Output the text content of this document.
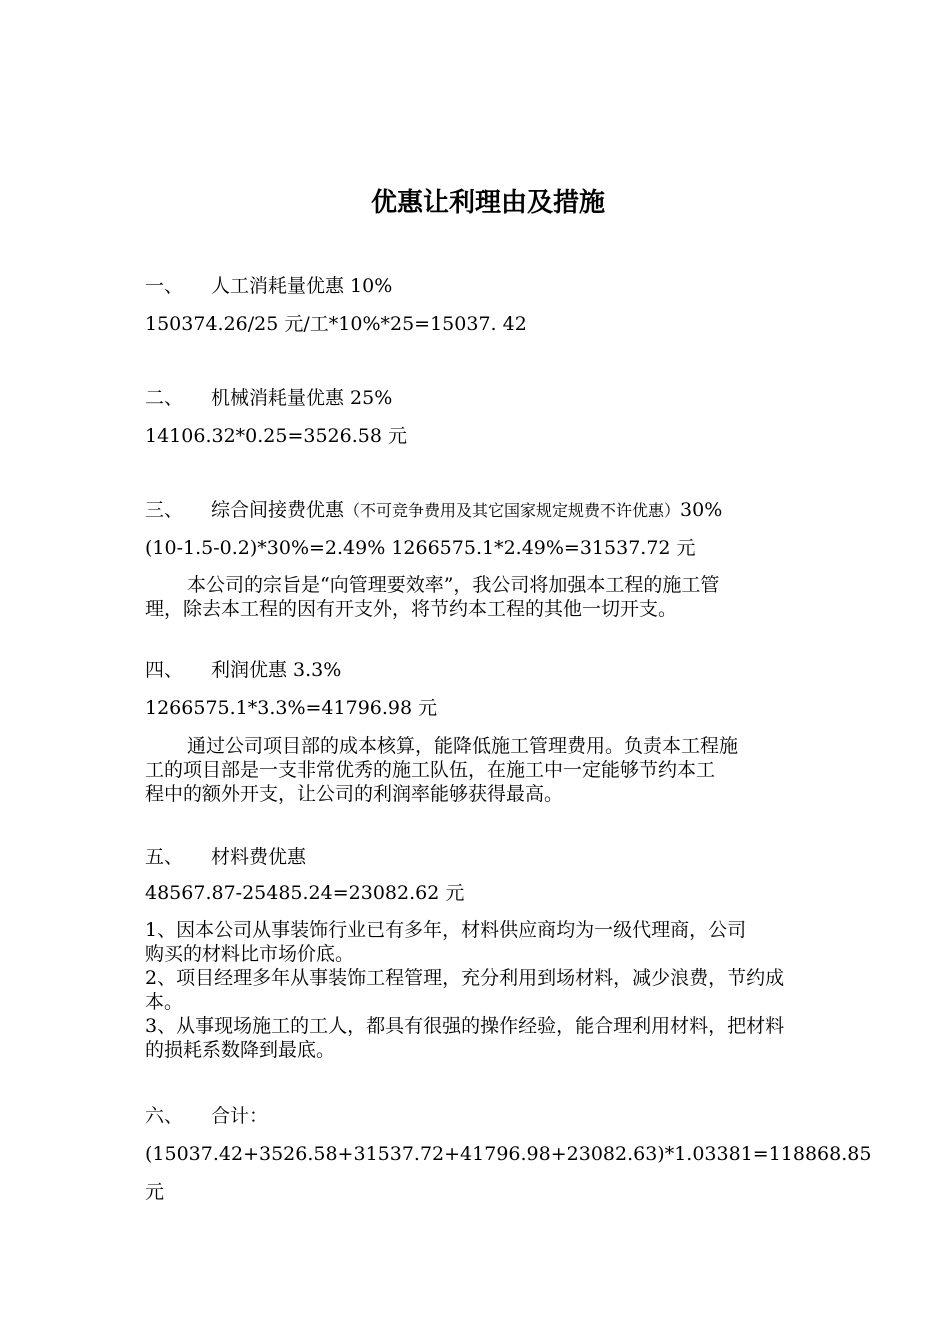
优惠让利理由及措施
一、 人工消耗量优惠 10%
150374.26/25 元/工*10%*25=15037. 42
二、 机械消耗量优惠 25%
14106.32*0.25=3526.58 元
三、 综合间接费优惠（不可竞争费用及其它国家规定规费不许优惠）30%
(10-1.5-0.2)*30%=2.49% 1266575.1*2.49%=31537.72 元
本公司的宗旨是“向管理要效率”，我公司将加强本工程的施工管
理，除去本工程的因有开支外，将节约本工程的其他一切开支。
四、 利润优惠 3.3%
1266575.1*3.3%=41796.98 元
通过公司项目部的成本核算，能降低施工管理费用。负责本工程施
工的项目部是一支非常优秀的施工队伍，在施工中一定能够节约本工
程中的额外开支，让公司的利润率能够获得最高。
五、 材料费优惠
48567.87-25485.24=23082.62 元
1、因本公司从事装饰行业已有多年，材料供应商均为一级代理商，公司
购买的材料比市场价底。
2、项目经理多年从事装饰工程管理，充分利用到场材料，减少浪费，节约成
本。
3、从事现场施工的工人，都具有很强的操作经验，能合理利用材料，把材料
的损耗系数降到最底。
六、 合计：
(15037.42+3526.58+31537.72+41796.98+23082.63)*1.03381=118868.85
元
